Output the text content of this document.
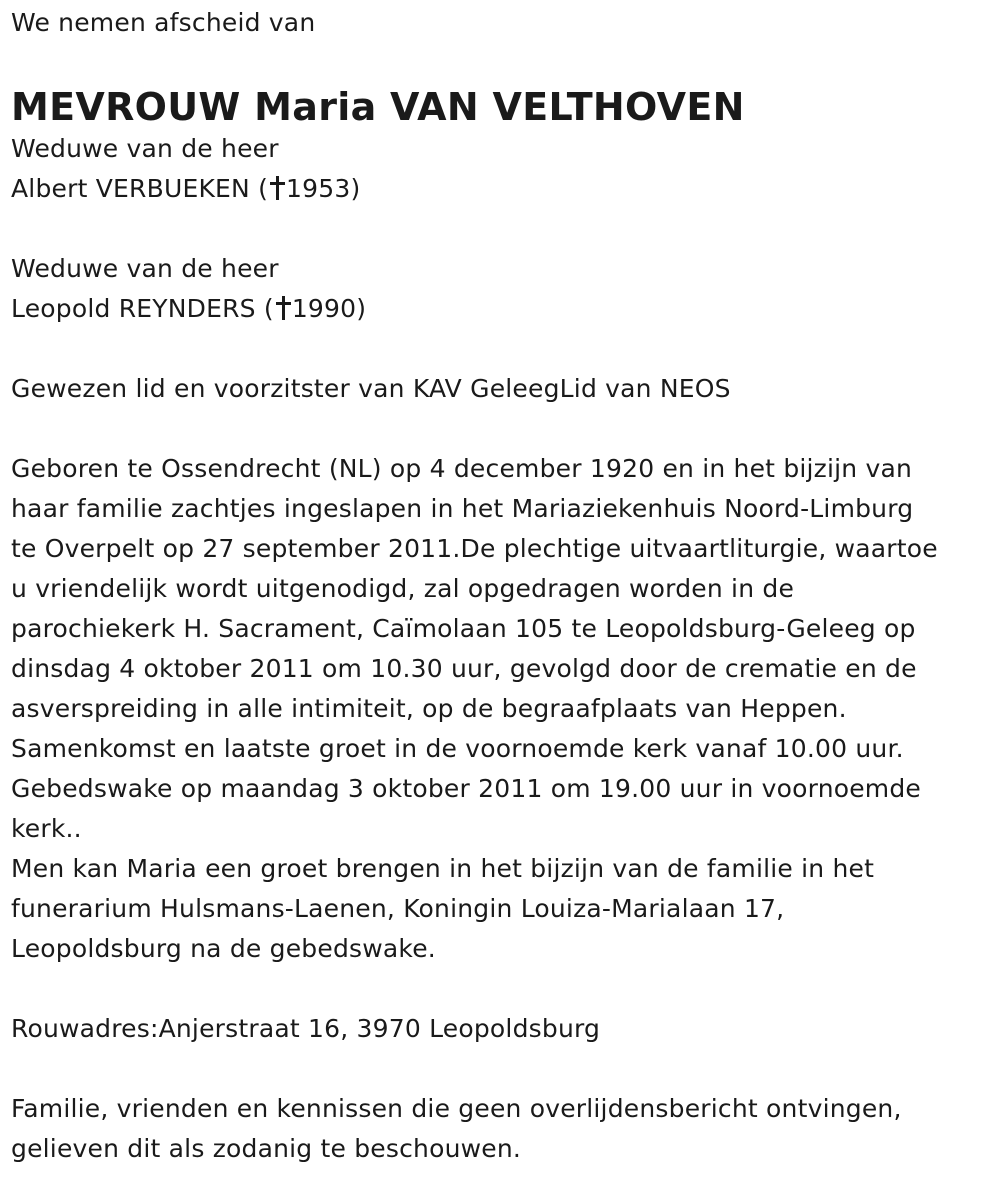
We nemen afscheid van
MEVROUW Maria VAN VELTHOVEN
Weduwe van de heer
Albert VERBUEKEN ( 1953)
Weduwe van de heer
Leopold REYNDERS ( 1990)
Gewezen lid en voorzitster van KAV GeleegLid van NEOS
Geboren te Ossendrecht (NL) op 4 december 1920 en in het bijzijn van
haar familie zachtjes ingeslapen in het Mariaziekenhuis Noord-Limburg
te Overpelt op 27 september 2011.De plechtige uitvaartliturgie, waartoe
u vriendelijk wordt uitgenodigd, zal opgedragen worden in de
parochiekerk H. Sacrament, Caïmolaan 105 te Leopoldsburg-Geleeg op
dinsdag 4 oktober 2011 om 10.30 uur, gevolgd door de crematie en de
asverspreiding in alle intimiteit, op de begraafplaats van Heppen.
Samenkomst en laatste groet in de voornoemde kerk vanaf 10.00 uur.
Gebedswake op maandag 3 oktober 2011 om 19.00 uur in voornoemde
kerk..
Men kan Maria een groet brengen in het bijzijn van de familie in het
funerarium Hulsmans-Laenen, Koningin Louiza-Marialaan 17,
Leopoldsburg na de gebedswake.
Rouwadres:Anjerstraat 16, 3970 Leopoldsburg
Familie, vrienden en kennissen die geen overlijdensbericht ontvingen,
gelieven dit als zodanig te beschouwen.
